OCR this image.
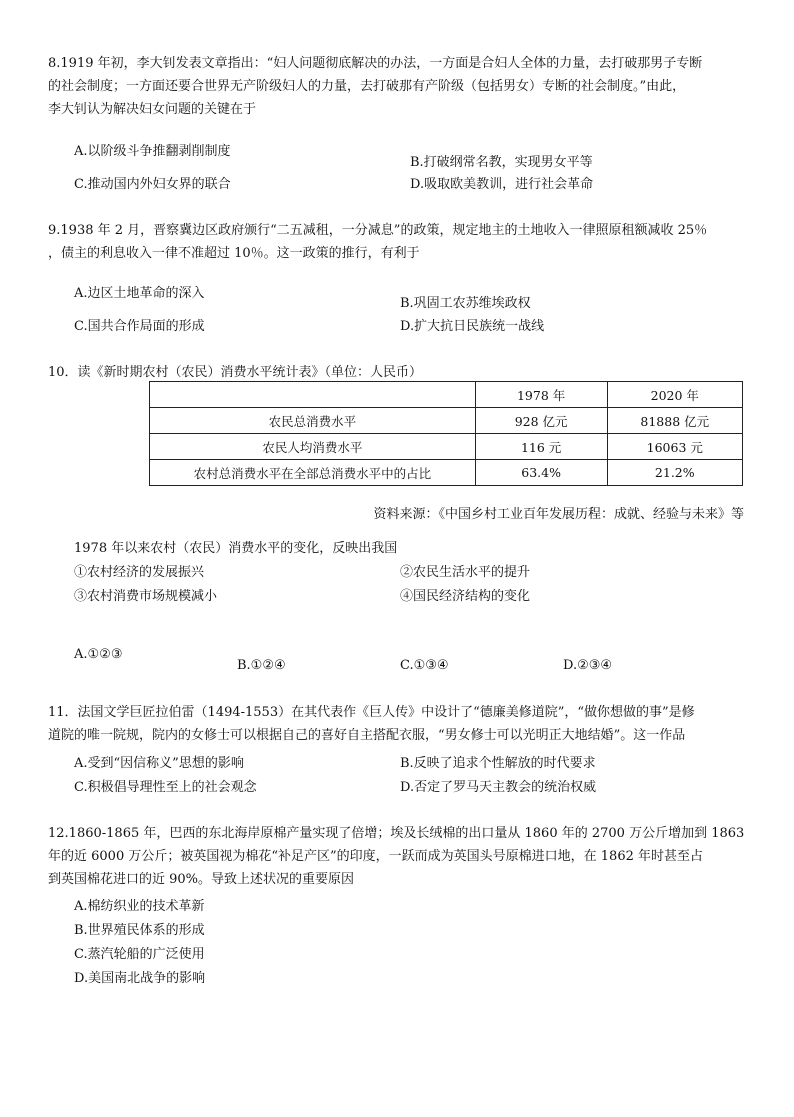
8.1919 年初，李大钊发表文章指出：“妇人问题彻底解决的办法，一方面是合妇人全体的力量，去打破那男子专断

的社会制度；一方面还要合世界无产阶级妇人的力量，去打破那有产阶级（包括男女）专断的社会制度。”由此，

李大钊认为解决妇女问题的关键在于

A.以阶级斗争推翻剥削制度
B.打破纲常名教，实现男女平等
C.推动国内外妇女界的联合	D.吸取欧美教训，进行社会革命

9.1938 年 2 月，晋察冀边区政府颁行“二五减租，一分减息”的政策，规定地主的土地收入一律照原租额减收 25％

，债主的利息收入一律不准超过 10％。这一政策的推行，有利于

A.边区土地革命的深入
B.巩固工农苏维埃政权
C.国共合作局面的形成	D.扩大抗日民族统一战线
10．读《新时期农村（农民）消费水平统计表》（单位：人民币）
	1978 年	2020 年
农民总消费水平	928 亿元	81888 亿元
农民人均消费水平	116 元	16063 元
农村总消费水平在全部总消费水平中的占比	63.4%	21.2%
资料来源：《中国乡村工业百年发展历程：成就、经验与未来》等
1978 年以来农村（农民）消费水平的变化，反映出我国
①农村经济的发展振兴	②农民生活水平的提升
③农村消费市场规模减小	④国民经济结构的变化
A.①②③
B.①②④	C.①③④	D.②③④

11．法国文学巨匠拉伯雷（1494-1553）在其代表作《巨人传》中设计了“德廉美修道院”，“做你想做的事”是修

道院的唯一院规，院内的女修士可以根据自己的喜好自主搭配衣服，“男女修士可以光明正大地结婚”。这一作品

A.受到“因信称义”思想的影响	B.反映了追求个性解放的时代要求
C.积极倡导理性至上的社会观念	D.否定了罗马天主教会的统治权威

12.1860-1865 年，巴西的东北海岸原棉产量实现了倍增；埃及长绒棉的出口量从 1860 年的 2700 万公斤增加到 1863

年的近 6000 万公斤；被英国视为棉花“补足产区”的印度，一跃而成为英国头号原棉进口地，在 1862 年时甚至占

到英国棉花进口的近 90%。导致上述状况的重要原因

A.棉纺织业的技术革新
B.世界殖民体系的形成
C.蒸汽轮船的广泛使用
D.美国南北战争的影响
